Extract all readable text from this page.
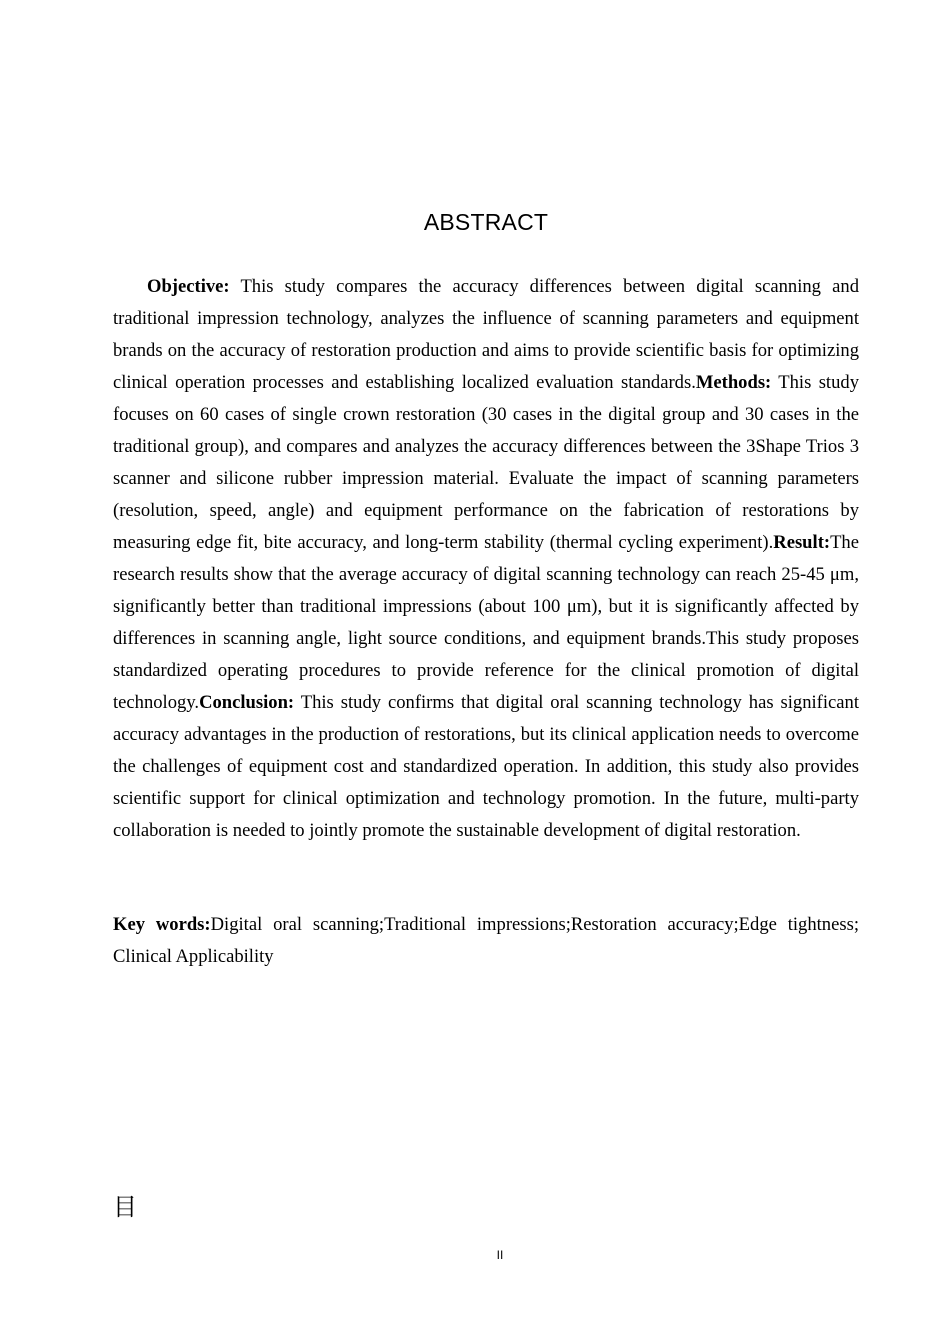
ABSTRACT

Objective: This study compares the accuracy differences between digital scanning and traditional impression technology, analyzes the influence of scanning parameters and equipment brands on the accuracy of restoration production and aims to provide scientific basis for optimizing clinical operation processes and establishing localized evaluation standards.Methods: This study focuses on 60 cases of single crown restoration (30 cases in the digital group and 30 cases in the traditional group), and compares and analyzes the accuracy differences between the 3Shape Trios 3 scanner and silicone rubber impression material. Evaluate the impact of scanning parameters (resolution, speed, angle) and equipment performance on the fabrication of restorations by measuring edge fit, bite accuracy, and long-term stability (thermal cycling experiment).Result:The research results show that the average accuracy of digital scanning technology can reach 25-45 μm, significantly better than traditional impressions (about 100 μm), but it is significantly affected by differences in scanning angle, light source conditions, and equipment brands.This study proposes standardized operating procedures to provide reference for the clinical promotion of digital technology.Conclusion: This study confirms that digital oral scanning technology has significant accuracy advantages in the production of restorations, but its clinical application needs to overcome the challenges of equipment cost and standardized operation. In addition, this study also provides scientific support for clinical optimization and technology promotion. In the future, multi-party collaboration is needed to jointly promote the sustainable development of digital restoration.

Key words:Digital oral scanning;Traditional impressions;Restoration accuracy;Edge tightness; Clinical Applicability

目
II
